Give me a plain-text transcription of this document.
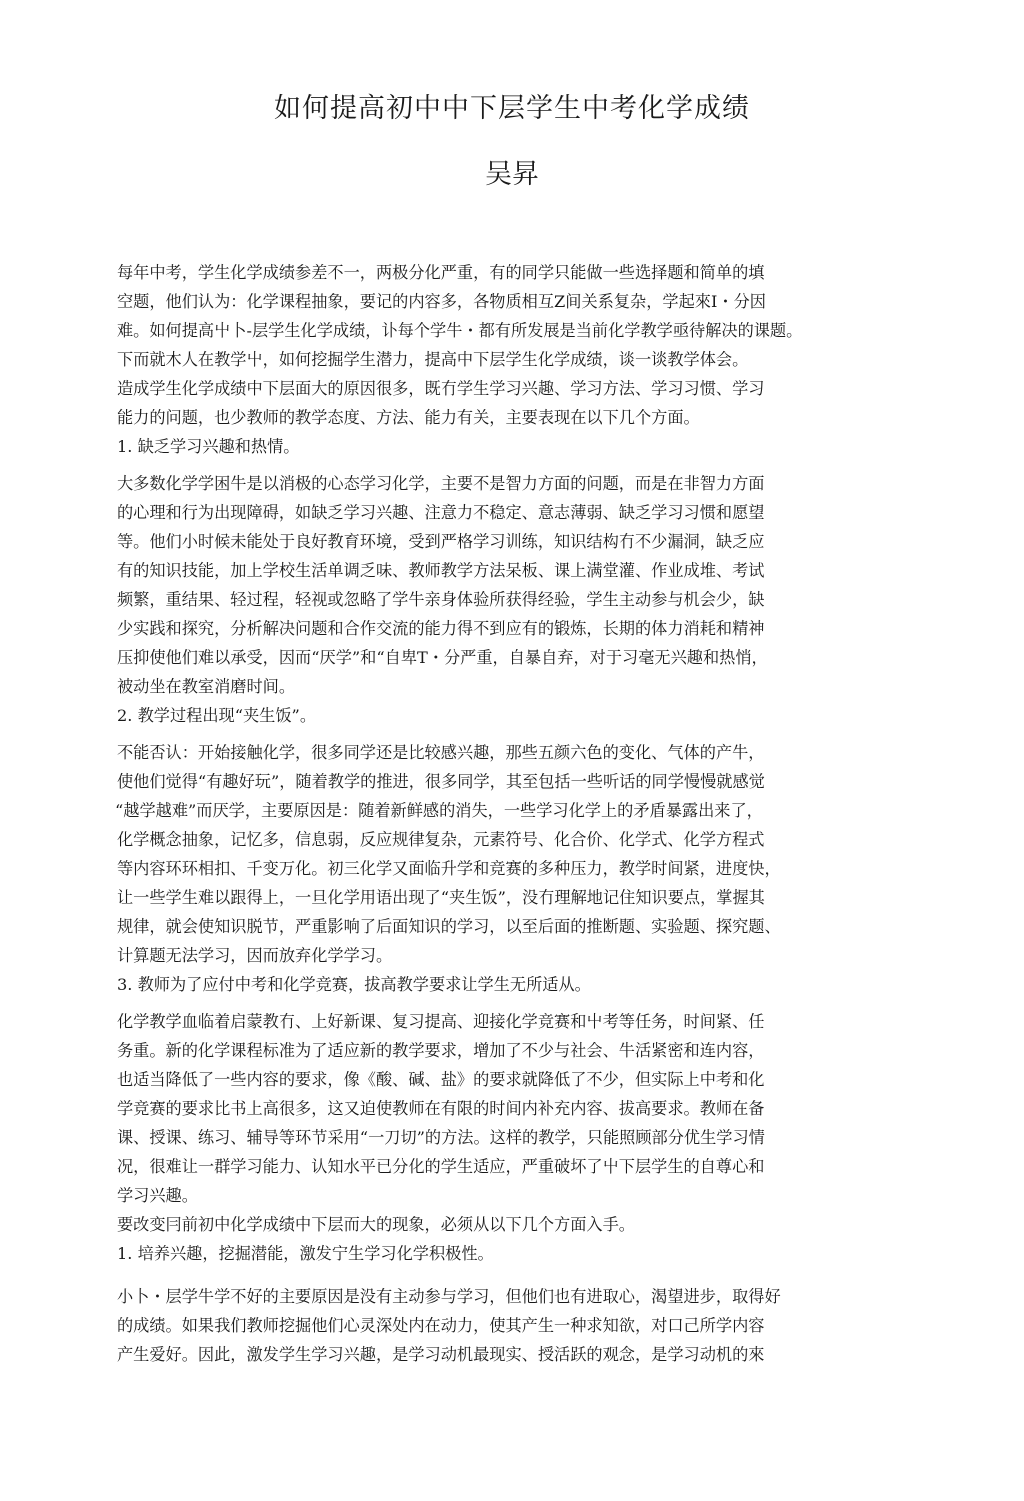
如何提高初中中下层学生中考化学成绩
吴昇
每年中考，学生化学成绩参差不一，两极分化严重，有的同学只能做一些选择题和简单的填
空题，他们认为：化学课程抽象，要记的内容多，各物质相互Z间关系复杂，学起來I・分因
难。如何提高屮卜-层学生化学成绩，讣每个学牛・都有所发展是当前化学教学亟待解决的课题。
下而就木人在教学屮，如何挖掘学生潜力，提高中下层学生化学成绩，谈一谈教学体会。
造成学生化学成绩中下层面大的原因很多，既冇学生学习兴趣、学习方法、学习习惯、学习
能力的问题，也少教师的教学态度、方法、能力有关，主要表现在以下几个方面。
1. 缺乏学习兴趣和热情。
大多数化学学困牛是以消极的心态学习化学，主要不是智力方面的问题，而是在非智力方面
的心理和行为出现障碍，如缺乏学习兴趣、注意力不稳定、意志薄弱、缺乏学习习惯和愿望
等。他们小时候未能处于良好教育环境，受到严格学习训练，知识结构冇不少漏洞，缺乏应
有的知识技能，加上学校生活单调乏味、教师教学方法呆板、课上满堂灌、作业成堆、考试
频繁，重结果、轻过程，轻视或忽略了学牛亲身体验所获得经验，学生主动参与机会少，缺
少实践和探究，分析解决问题和合作交流的能力得不到应有的锻炼，长期的体力消耗和精神
压抑使他们难以承受，因而“厌学”和“自卑T・分严重，自暴自弃，对于习毫无兴趣和热悄，
被动坐在教室消磨时间。
2. 教学过程出现“夹生饭”。
不能否认：开始接触化学，很多同学还是比较感兴趣，那些五颜六色的变化、气体的产牛，
使他们觉得“有趣好玩”，随着教学的推进，很多同学，其至包括一些听话的同学慢慢就感觉
“越学越难”而厌学，主要原因是：随着新鲜感的消失，一些学习化学上的矛盾暴露出来了，
化学概念抽象，记忆多，信息弱，反应规律复杂，元素符号、化合价、化学式、化学方程式
等内容环环相扣、千变万化。初三化学又面临升学和竞赛的多种压力，教学时间紧，进度快，
让一些学生难以跟得上，一旦化学用语出现了“夹生饭”，没冇理解地记住知识要点，掌握其
规律，就会使知识脱节，严重影响了后面知识的学习，以至后面的推断题、实验题、探究题、
计算题无法学习，因而放弃化学学习。
3. 教师为了应付中考和化学竞赛，拔高教学要求让学生无所适从。
化学教学血临着启蒙教冇、上好新课、复习提高、迎接化学竞赛和屮考等任务，时间紧、任
务重。新的化学课程标准为了适应新的教学要求，增加了不少与社会、牛活紧密和连内容，
也适当降低了一些内容的要求，像《酸、碱、盐》的要求就降低了不少，但实际上中考和化
学竞赛的要求比书上高很多，这又迫使教师在有限的时间内补充内容、拔高要求。教师在备
课、授课、练习、辅导等环节采用“一刀切”的方法。这样的教学，只能照顾部分优生学习情
况，很难让一群学习能力、认知水平已分化的学生适应，严重破坏了屮下层学生的自尊心和
学习兴趣。
要改变冃前初中化学成绩中下层而大的现象，必须从以下几个方面入手。
1. 培养兴趣，挖掘潜能，激发宁生学习化学积极性。
小卜・层学牛学不好的主要原因是没有主动参与学习，但他们也有进取心，渴望进步，取得好
的成绩。如果我们教师挖掘他们心灵深处内在动力，使其产生一种求知欲，对口己所学内容
产生爱好。因此，激发学生学习兴趣，是学习动机最现实、授活跃的观念，是学习动机的來
